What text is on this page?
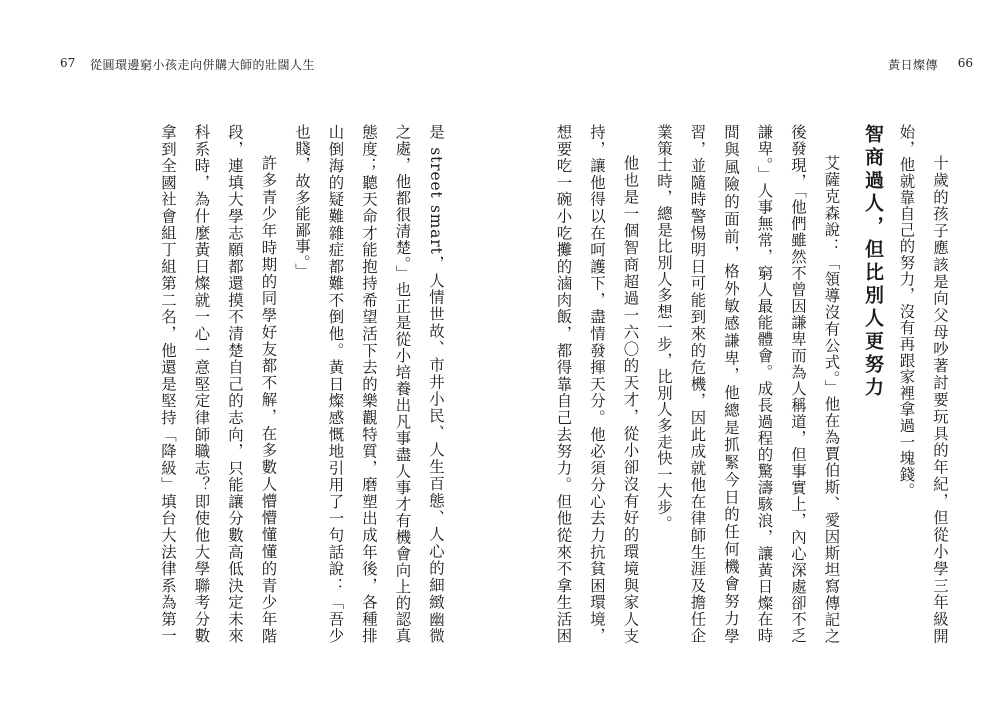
67 從圓環邊窮小孩走向併購大師的壯闊人生

是 street smart，人情世故、市井小民、人生百態、人心的細緻幽微之處，他都很清楚。」也正是從小培養出凡事盡人事才有機會向上的認真態度；聽天命才能抱持希望活下去的樂觀特質，磨塑出成年後，各種排山倒海的疑難雜症都難不倒他。黃日燦感慨地引用了一句話說：「吾少也賤，故多能鄙事。」

許多青少年時期的同學好友都不解，在多數人懵懵懂懂的青少年階段，連填大學志願都還摸不清楚自己的志向，只能讓分數高低決定未來科系時，為什麼黃日燦就一心一意堅定律師職志？即使他大學聯考分數拿到全國社會組丁組第二名，他還是堅持「降級」填台大法律系為第一

黃日燦傳 66

十歲的孩子應該是向父母吵著討要玩具的年紀，但從小學三年級開始，他就靠自己的努力，沒有再跟家裡拿過一塊錢。

智商過人，但比別人更努力

艾薩克森說：「領導沒有公式。」他在為賈伯斯、愛因斯坦寫傳記之後發現，「他們雖然不曾因謙卑而為人稱道，但事實上，內心深處卻不乏謙卑。」人事無常，窮人最能體會。成長過程的驚濤駭浪，讓黃日燦在時間與風險的面前，格外敏感謙卑，他總是抓緊今日的任何機會努力學習，並隨時警惕明日可能到來的危機，因此成就他在律師生涯及擔任企業策士時，總是比別人多想一步，比別人多走快一大步。

他也是一個智商超過一六〇的天才，從小卻沒有好的環境與家人支持，讓他得以在呵護下，盡情發揮天分。他必須分心去力抗貧困環境，想要吃一碗小吃攤的滷肉飯，都得靠自己去努力。但他從來不拿生活困
